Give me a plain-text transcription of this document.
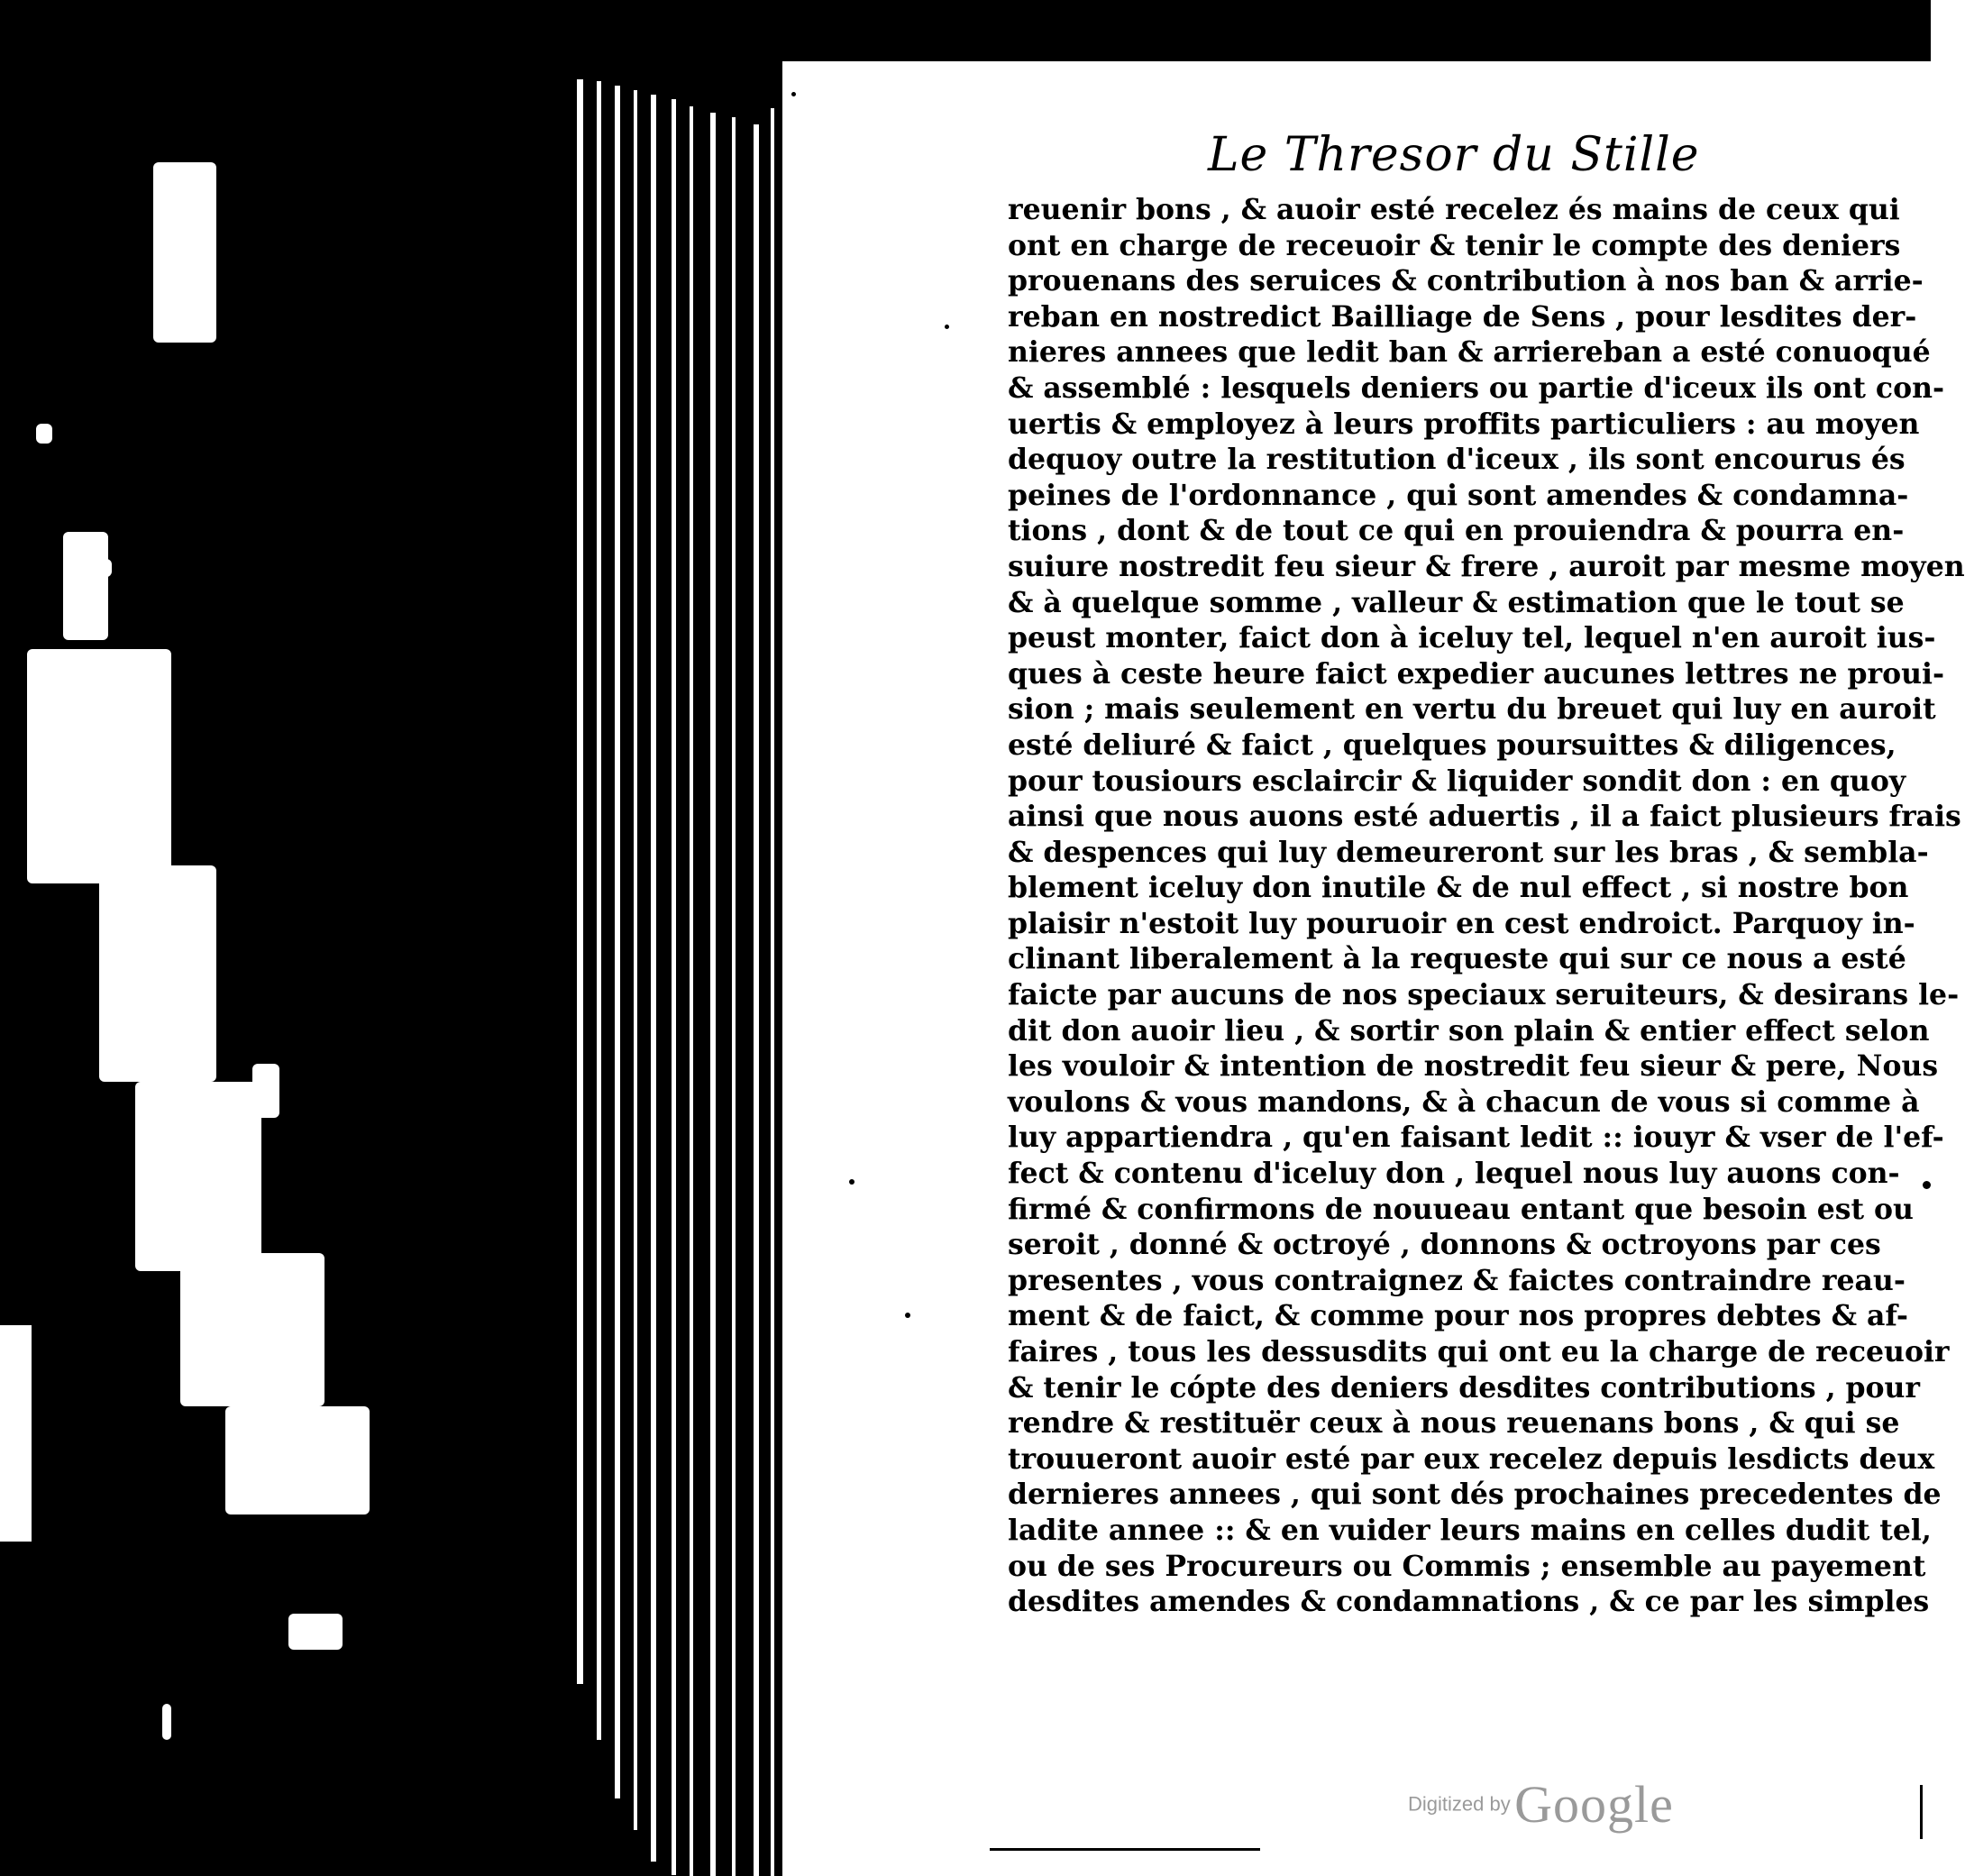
Le Thresor du Stille
reuenir bons , & auoir esté recelez és mains de ceux qui
ont en charge de receuoir & tenir le compte des deniers
prouenans des seruices & contribution à nos ban & arrie-
reban en nostredict Bailliage de Sens , pour lesdites der-
nieres annees que ledit ban & arriereban a esté conuoqué
& assemblé : lesquels deniers ou partie d'iceux ils ont con-
uertis & employez à leurs proffits particuliers : au moyen
dequoy outre la restitution d'iceux , ils sont encourus és
peines de l'ordonnance , qui sont amendes & condamna-
tions , dont & de tout ce qui en prouiendra & pourra en-
suiure nostredit feu sieur & frere , auroit par mesme moyen
& à quelque somme , valleur & estimation que le tout se
peust monter, faict don à iceluy tel, lequel n'en auroit ius-
ques à ceste heure faict expedier aucunes lettres ne proui-
sion ; mais seulement en vertu du breuet qui luy en auroit
esté deliuré & faict , quelques poursuittes & diligences,
pour tousiours esclaircir & liquider sondit don : en quoy
ainsi que nous auons esté aduertis , il a faict plusieurs frais
& despences qui luy demeureront sur les bras , & sembla-
blement iceluy don inutile & de nul effect , si nostre bon
plaisir n'estoit luy pouruoir en cest endroict. Parquoy in-
clinant liberalement à la requeste qui sur ce nous a esté
faicte par aucuns de nos speciaux seruiteurs, & desirans le-
dit don auoir lieu , & sortir son plain & entier effect selon
les vouloir & intention de nostredit feu sieur & pere, Nous
voulons & vous mandons, & à chacun de vous si comme à
luy appartiendra , qu'en faisant ledit :: iouyr & vser de l'ef-
fect & contenu d'iceluy don , lequel nous luy auons con-
firmé & confirmons de nouueau entant que besoin est ou
seroit , donné & octroyé , donnons & octroyons par ces
presentes , vous contraignez & faictes contraindre reau-
ment & de faict, & comme pour nos propres debtes & af-
faires , tous les dessusdits qui ont eu la charge de receuoir
& tenir le cópte des deniers desdites contributions , pour
rendre & restituër ceux à nous reuenans bons , & qui se
trouueront auoir esté par eux recelez depuis lesdicts deux
dernieres annees , qui sont dés prochaines precedentes de
ladite annee :: & en vuider leurs mains en celles dudit tel,
ou de ses Procureurs ou Commis ; ensemble au payement
desdites amendes & condamnations , & ce par les simples
Digitized by Google
